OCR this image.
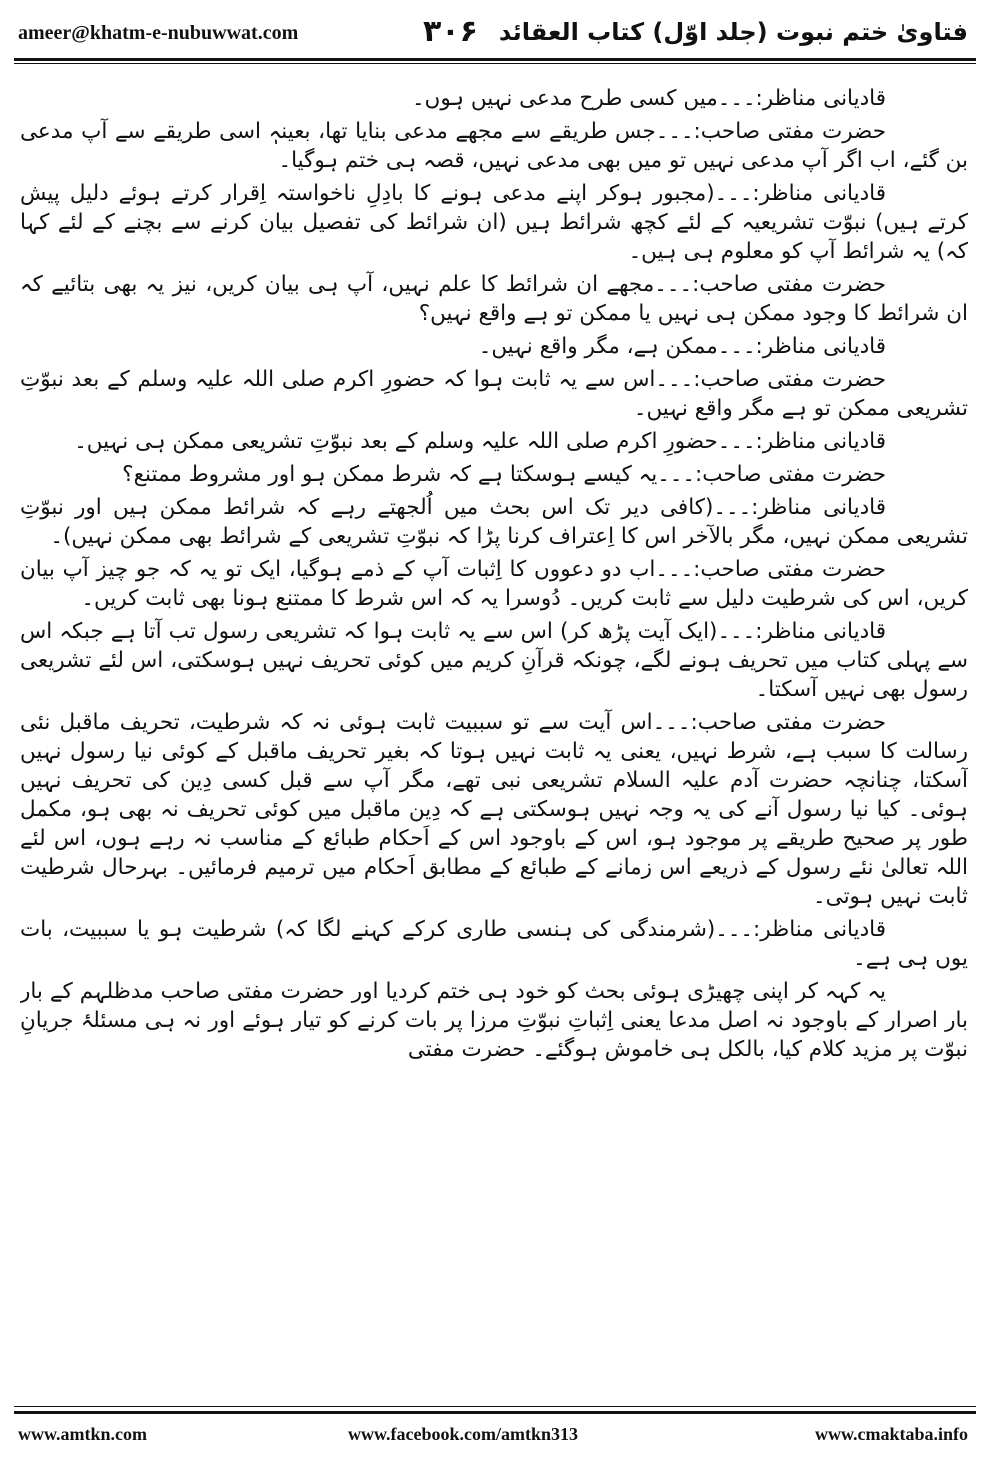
ameer@khatm-e-nubuwwat.com	۳۰۶ فتاویٰ ختم نبوت (جلد اوّل) کتاب العقائد

قادیانی مناظر:۔۔۔میں کسی طرح مدعی نہیں ہوں۔

حضرت مفتی صاحب:۔۔۔جس طریقے سے مجھے مدعی بنایا تھا، بعینہٖ اسی طریقے سے آپ مدعی بن گئے، اب اگر آپ مدعی نہیں تو میں بھی مدعی نہیں، قصہ ہی ختم ہوگیا۔

قادیانی مناظر:۔۔۔(مجبور ہوکر اپنے مدعی ہونے کا بادِلِ ناخواستہ اِقرار کرتے ہوئے دلیل پیش کرتے ہیں) نبوّت تشریعیہ کے لئے کچھ شرائط ہیں (ان شرائط کی تفصیل بیان کرنے سے بچنے کے لئے کہا کہ) یہ شرائط آپ کو معلوم ہی ہیں۔

حضرت مفتی صاحب:۔۔۔مجھے ان شرائط کا علم نہیں، آپ ہی بیان کریں، نیز یہ بھی بتائیے کہ ان شرائط کا وجود ممکن ہی نہیں یا ممکن تو ہے واقع نہیں؟

قادیانی مناظر:۔۔۔ممکن ہے، مگر واقع نہیں۔

حضرت مفتی صاحب:۔۔۔اس سے یہ ثابت ہوا کہ حضورِ اکرم صلی اللہ علیہ وسلم کے بعد نبوّتِ تشریعی ممکن تو ہے مگر واقع نہیں۔

قادیانی مناظر:۔۔۔حضورِ اکرم صلی اللہ علیہ وسلم کے بعد نبوّتِ تشریعی ممکن ہی نہیں۔

حضرت مفتی صاحب:۔۔۔یہ کیسے ہوسکتا ہے کہ شرط ممکن ہو اور مشروط ممتنع؟

قادیانی مناظر:۔۔۔(کافی دیر تک اس بحث میں اُلجھتے رہے کہ شرائط ممکن ہیں اور نبوّتِ تشریعی ممکن نہیں، مگر بالآخر اس کا اِعتراف کرنا پڑا کہ نبوّتِ تشریعی کے شرائط بھی ممکن نہیں)۔

حضرت مفتی صاحب:۔۔۔اب دو دعووں کا اِثبات آپ کے ذمے ہوگیا، ایک تو یہ کہ جو چیز آپ بیان کریں، اس کی شرطیت دلیل سے ثابت کریں۔ دُوسرا یہ کہ اس شرط کا ممتنع ہونا بھی ثابت کریں۔

قادیانی مناظر:۔۔۔(ایک آیت پڑھ کر) اس سے یہ ثابت ہوا کہ تشریعی رسول تب آتا ہے جبکہ اس سے پہلی کتاب میں تحریف ہونے لگے، چونکہ قرآنِ کریم میں کوئی تحریف نہیں ہوسکتی، اس لئے تشریعی رسول بھی نہیں آسکتا۔

حضرت مفتی صاحب:۔۔۔اس آیت سے تو سببیت ثابت ہوئی نہ کہ شرطیت، تحریف ماقبل نئی رسالت کا سبب ہے، شرط نہیں، یعنی یہ ثابت نہیں ہوتا کہ بغیر تحریف ماقبل کے کوئی نیا رسول نہیں آسکتا، چنانچہ حضرت آدم علیہ السلام تشریعی نبی تھے، مگر آپ سے قبل کسی دِین کی تحریف نہیں ہوئی۔ کیا نیا رسول آنے کی یہ وجہ نہیں ہوسکتی ہے کہ دِین ماقبل میں کوئی تحریف نہ بھی ہو، مکمل طور پر صحیح طریقے پر موجود ہو، اس کے باوجود اس کے اَحکام طبائع کے مناسب نہ رہے ہوں، اس لئے اللہ تعالیٰ نئے رسول کے ذریعے اس زمانے کے طبائع کے مطابق اَحکام میں ترمیم فرمائیں۔ بہرحال شرطیت ثابت نہیں ہوتی۔

قادیانی مناظر:۔۔۔(شرمندگی کی ہنسی طاری کرکے کہنے لگا کہ) شرطیت ہو یا سببیت، بات یوں ہی ہے۔

یہ کہہ کر اپنی چھیڑی ہوئی بحث کو خود ہی ختم کردیا اور حضرت مفتی صاحب مدظلہم کے بار بار اصرار کے باوجود نہ اصل مدعا یعنی اِثباتِ نبوّتِ مرزا پر بات کرنے کو تیار ہوئے اور نہ ہی مسئلۂ جریانِ نبوّت پر مزید کلام کیا، بالکل ہی خاموش ہوگئے۔ حضرت مفتی

www.amtkn.com	www.facebook.com/amtkn313	www.cmaktaba.info
